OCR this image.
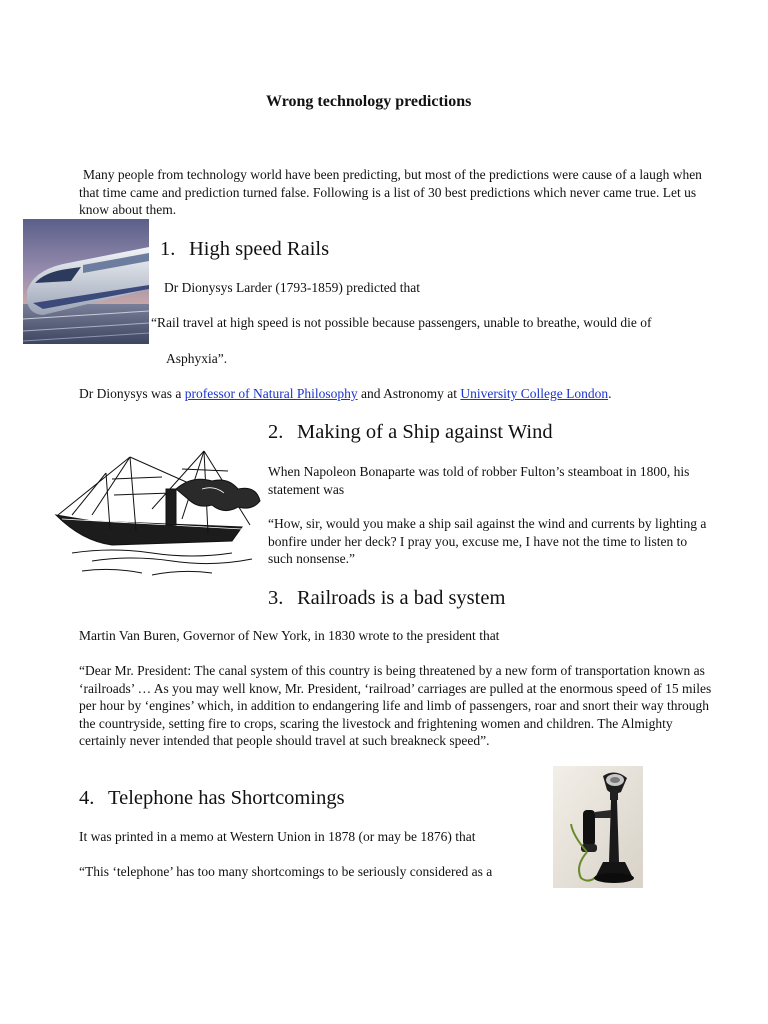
Wrong technology predictions
Many people from technology world have been predicting, but most of the predictions were cause of a laugh when that time came and prediction turned false. Following is a list of 30 best predictions which never came true. Let us know about them.
1. High speed Rails
Dr Dionysys Larder (1793-1859) predicted that
“Rail travel at high speed is not possible because passengers, unable to breathe, would die of
Asphyxia”.
Dr Dionysys was a professor of Natural Philosophy and Astronomy at University College London.
2. Making of a Ship against Wind
When Napoleon Bonaparte was told of robber Fulton’s steamboat in 1800, his statement was
“How, sir, would you make a ship sail against the wind and currents by lighting a bonfire under her deck? I pray you, excuse me, I have not the time to listen to such nonsense.”
3. Railroads is a bad system
Martin Van Buren, Governor of New York, in 1830 wrote to the president that
“Dear Mr. President: The canal system of this country is being threatened by a new form of transportation known as ‘railroads’ … As you may well know, Mr. President, ‘railroad’ carriages are pulled at the enormous speed of 15 miles per hour by ‘engines’ which, in addition to endangering life and limb of passengers, roar and snort their way through the countryside, setting fire to crops, scaring the livestock and frightening women and children. The Almighty certainly never intended that people should travel at such breakneck speed”.
4. Telephone has Shortcomings
It was printed in a memo at Western Union in 1878 (or may be 1876) that
“This ‘telephone’ has too many shortcomings to be seriously considered as a
